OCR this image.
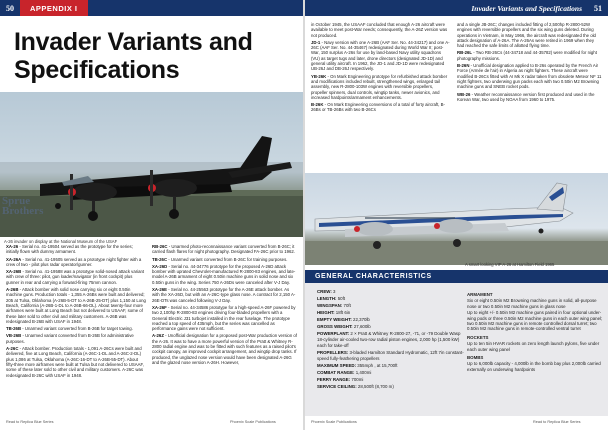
50	APPENDIX I
Invader Variants and Specifications
Sprue
Brothers
A-26 invader on display at the National Museum of the USAF

XA-26 - Serial no. 41-19504 served as the prototype for the series; initially flown with dummy armament.

XA-26A - Serial no. 41-19505 served as a prototype night fighter with a crew of two - pilot plus radar operator/gunner.

XA-26B - Serial no. 41-19588 was a prototype solid-nosed attack variant with crew of three: pilot, gun loader/navigator (in front cockpit) plus gunner in rear and carrying a forward-firing 75mm cannon.

A-26B - Attack bomber with solid nose carrying six or eight 0.50in machine guns. Production totals - 1,355 A-26Bs were built and delivered; 205 at Tulsa, Oklahoma (A-26B-5-DT to A-26B-25-DT) plus 1,150 at Long Beach, California (A-26B-1-DL to A-26B-66-DL). About twenty-four more airframes were built at Long Beach but not delivered to USAAF, some of these later sold to other civil and military customers. A-26B was redesignated B-26B with USAF in 1948.

TB-26B - Unarmed variant converted from B-26B for target towing.

VB-26B - Unarmed variant converted from B-26B for administrative purposes.

A-26C - Attack bomber. Production totals - 1,091 A-26Cs were built and delivered, five at Long Beach, California (A-26C-1-DL and A-26C-2-DL) plus 1,086 at Tulsa, Oklahoma (A-26C-16-DT to A-26B-55-DT). About fifty-three more airframes were built at Tulsa but not delivered to USAAF, some of these later sold to other civil and military customers. A-26C was redesignated B-26C with USAF in 1948.

RB-26C - Unarmed photo-reconnaissance variant converted from B-26C; it carried flash flares for night photography. Designated FA-26C prior to 1962.

TB-26C - Unarmed variant converted from B-26C for training purposes.

XA-26D - Serial no. 44-34776 prototype for the proposed A-26D attack bomber with uprated Chevrolet-manufactured R-2800-83 engines, and late-model A-26B armament of eight 0.50in machine guns in solid nose and six 0.50in guns in the wing. Series 750 A-26Ds were canceled after V-J Day.

XA-26E - Serial no. 44-25563 prototype for the A-26E attack bomber. As with the XA-26D, but with an A-26C-type glass nose. A contract for 2,150 A-26E-DTs was canceled following V-J Day.

XA-26F - Serial no. 44-34586 prototype for a high-speed A-26F powered by two 2,100hp R-2800-83 engines driving four-bladed propellers with a General Electric J31 turbojet installed in the rear fuselage. The prototype reached a top speed of 435mph, but the series was cancelled as performance gains were not sufficient.

A-26Z - Unofficial designation for a proposed post-War production version of the A-26. It was to have a more powerful version of the Pratt & Whitney R-2800 radial engine and was to be fitted with such features as a raised pilot's cockpit canopy, an improved cockpit arrangement, and wingtip drop tanks. If produced, the unglazed nose version would have been designated A-26G and the glazed nose version A-26H. However,

Read to Replica Blue Series	Phoenix Scale Publications
Invader Variants and Specifications	51

in October 1945, the USAAF concluded that enough A-26 aircraft were available to meet post-War needs; consequently, the A-26Z version was not produced.

JD-1 - Navy version with one A-26B (AAF Ser. No. 44-34217) and one A-26C (AAF Ser. No. 44-35467) redesignated during World War II; post-War, 150 surplus A-26s for use by land-based Navy utility squadrons (VU) as target tugs and later, drone directors (designated JD-1D) and general utility aircraft. In 1962, the JD-1 and JD-1D were redesignated UB-26J and DB-26J respectively.

YB-26K - On Mark Engineering prototype for refurbished attack bomber and modifications included rebuilt, strengthened wings, enlarged tail assembly, new R-2800-103W engines with reversible propellers, propeller spinners, dual controls, wingtip tanks, newer avionics, and increased hardpoints/armament enhancements.

B-26K - On Mark Engineering conversions of a total of forty aircraft, B-26Bs or TB-26Bs with two B-26Cs

and a single JB-26C; changes included fitting of 2,500hp R-2800-52W engines with reversible propellers and the six wing guns deleted. During operations in Vietnam, in May 1966, the aircraft was redesignated the old attack designation of A-26A. The A-26As were retired in 1969 when they had reached the safe limits of allotted flying time.

RB-26L - Two RB-26Cs (44-34718 and 44-35782) were modified for night photography missions.

B-26N - Unofficial designation applied to B-26s operated by the French Air Force (Armée de l'air) in Algeria as night fighters. These aircraft were modified B-26Cs fitted with AI Mk X radar taken from obsolete Meteor NF 11 night fighters, two underwing gun packs each with two 0.50in M2 Browning machine guns and SNEB rocket pods.

WB-26 - Weather reconnaissance version first produced and used in the Korean War, two used by NOAA from 1960 to 1975.

A smart looking VIP A-26 at Hamilton Field 1965
GENERAL CHARACTERISTICS

CREW: 3

LENGTH: 50ft

WINGSPAN: 70ft

HEIGHT: 18ft 6in

EMPTY WEIGHT: 22,370lb

GROSS WEIGHT: 27,600lb

POWERPLANT: 2 × Pratt & Whitney R-2800-27, -71, or -79 Double Wasp 18-cylinder air-cooled two-row radial piston engines, 2,000 hp (1,500 kW) each for take-off

PROPELLERS: 3-bladed Hamilton Standard Hydromatic, 12ft 7in constant-speed fully-feathering propellers

MAXIMUM SPEED: 355mph , at 15,700ft

COMBAT RANGE: 1,400mi

FERRY RANGE: 700mi

SERVICE CEILING: 28,500ft (8,700 m)

ARMAMENT

Six or eight 0.50in M2 Browning machine guns in solid, all-purpose nose or two 0.50in M2 machine guns in glass nose

Up to eight +/- 0.50in M2 machine guns paired in four optional under-wing pods or three 0.50in M2 machine guns in each outer wing panel; two 0.50in M2 machine guns in remote controlled dorsal turret; two 0.50in M2 machine guns in remote-controlled ventral turret

ROCKETS

Up to ten 5in HVAR rockets on zero length launch pylons, five under each outer wing panel

BOMBS

Up to 6,000lb capacity - 4,000lb in the bomb bay plus 2,000lb carried externally on underwing hardpoints

Phoenix Scale Publications	Read to Replica Blue Series
